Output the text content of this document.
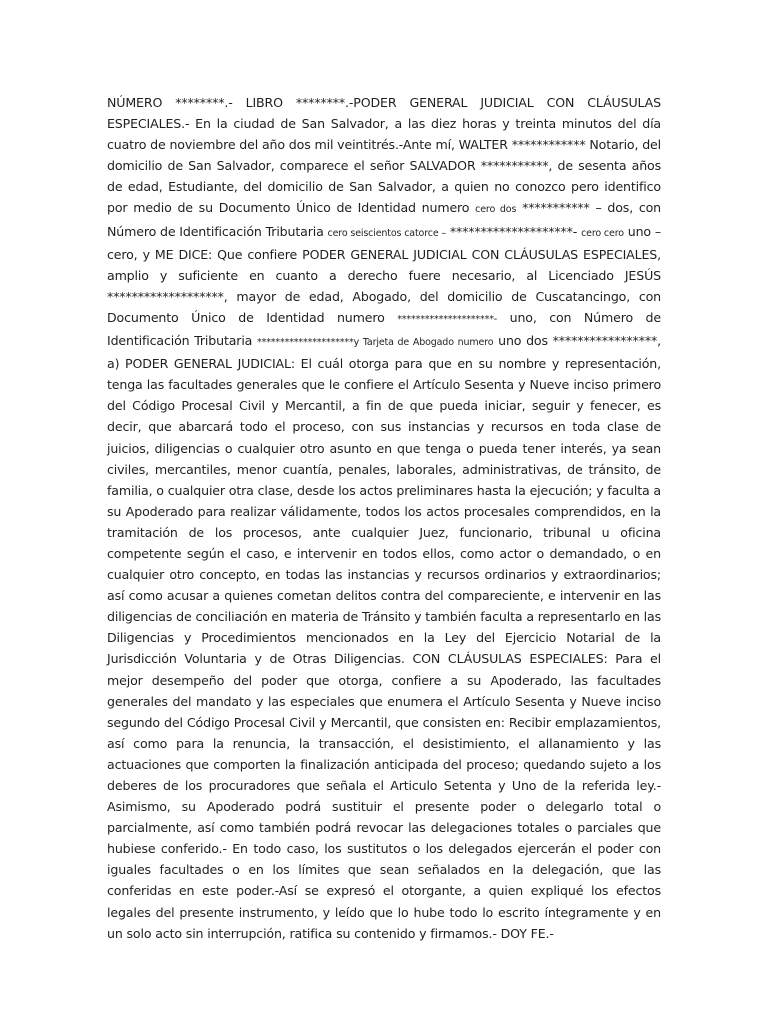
NÚMERO ********.- LIBRO ********.-PODER GENERAL JUDICIAL CON CLÁUSULAS ESPECIALES.- En la ciudad de San Salvador, a las diez horas y treinta minutos del día cuatro de noviembre del año dos mil veintitrés.-Ante mí, WALTER ************ Notario, del domicilio de San Salvador, comparece el señor SALVADOR ***********, de sesenta años de edad, Estudiante, del domicilio de San Salvador, a quien no conozco pero identifico por medio de su Documento Único de Identidad numero cero dos *********** – dos, con Número de Identificación Tributaria cero seiscientos catorce – ********************- cero cero uno – cero, y ME DICE: Que confiere PODER GENERAL JUDICIAL CON CLÁUSULAS ESPECIALES, amplio y suficiente en cuanto a derecho fuere necesario, al Licenciado JESÚS *******************, mayor de edad, Abogado, del domicilio de Cuscatancingo, con Documento Único de Identidad numero *********************- uno, con Número de Identificación Tributaria *********************y Tarjeta de Abogado numero uno dos *****************, a) PODER GENERAL JUDICIAL: El cuál otorga para que en su nombre y representación, tenga las facultades generales que le confiere el Artículo Sesenta y Nueve inciso primero del Código Procesal Civil y Mercantil, a fin de que pueda iniciar, seguir y fenecer, es decir, que abarcará todo el proceso, con sus instancias y recursos en toda clase de juicios, diligencias o cualquier otro asunto en que tenga o pueda tener interés, ya sean civiles, mercantiles, menor cuantía, penales, laborales, administrativas, de tránsito, de familia, o cualquier otra clase, desde los actos preliminares hasta la ejecución; y faculta a su Apoderado para realizar válidamente, todos los actos procesales comprendidos, en la tramitación de los procesos, ante cualquier Juez, funcionario, tribunal u oficina competente según el caso, e intervenir en todos ellos, como actor o demandado, o en cualquier otro concepto, en todas las instancias y recursos ordinarios y extraordinarios; así como acusar a quienes cometan delitos contra del compareciente, e intervenir en las diligencias de conciliación en materia de Tránsito y también faculta a representarlo en las Diligencias y Procedimientos mencionados en la Ley del Ejercicio Notarial de la Jurisdicción Voluntaria y de Otras Diligencias. CON CLÁUSULAS ESPECIALES: Para el mejor desempeño del poder que otorga, confiere a su Apoderado, las facultades generales del mandato y las especiales que enumera el Artículo Sesenta y Nueve inciso segundo del Código Procesal Civil y Mercantil, que consisten en: Recibir emplazamientos, así como para la renuncia, la transacción, el desistimiento, el allanamiento y las actuaciones que comporten la finalización anticipada del proceso; quedando sujeto a los deberes de los procuradores que señala el Articulo Setenta y Uno de la referida ley.- Asimismo, su Apoderado podrá sustituir el presente poder o delegarlo total o parcialmente, así como también podrá revocar las delegaciones totales o parciales que hubiese conferido.- En todo caso, los sustitutos o los delegados ejercerán el poder con iguales facultades o en los límites que sean señalados en la delegación, que las conferidas en este poder.-Así se expresó el otorgante, a quien expliqué los efectos legales del presente instrumento, y leído que lo hube todo lo escrito íntegramente y en un solo acto sin interrupción, ratifica su contenido y firmamos.- DOY FE.-
